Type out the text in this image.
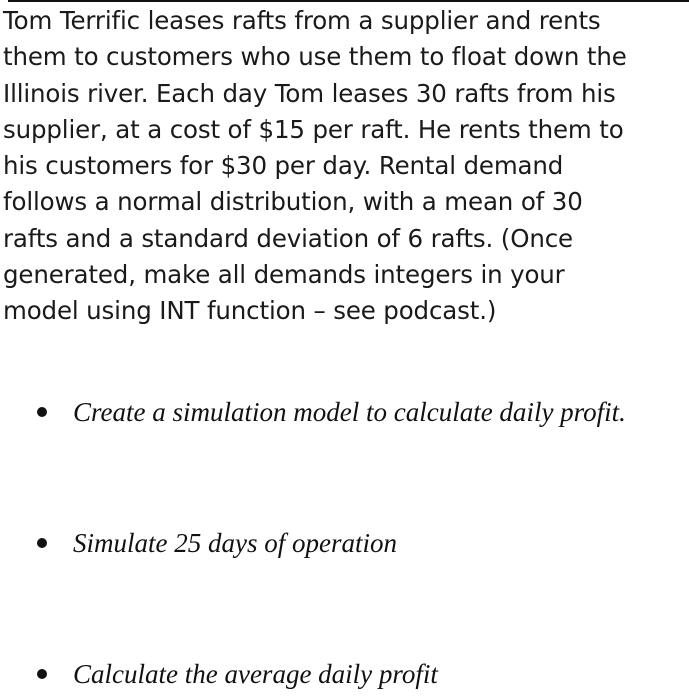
Tom Terrific leases rafts from a supplier and rents
them to customers who use them to float down the
Illinois river. Each day Tom leases 30 rafts from his
supplier, at a cost of $15 per raft. He rents them to
his customers for $30 per day. Rental demand
follows a normal distribution, with a mean of 30
rafts and a standard deviation of 6 rafts. (Once
generated, make all demands integers in your
model using INT function – see podcast.)

Create a simulation model to calculate daily profit.
Simulate 25 days of operation
Calculate the average daily profit
